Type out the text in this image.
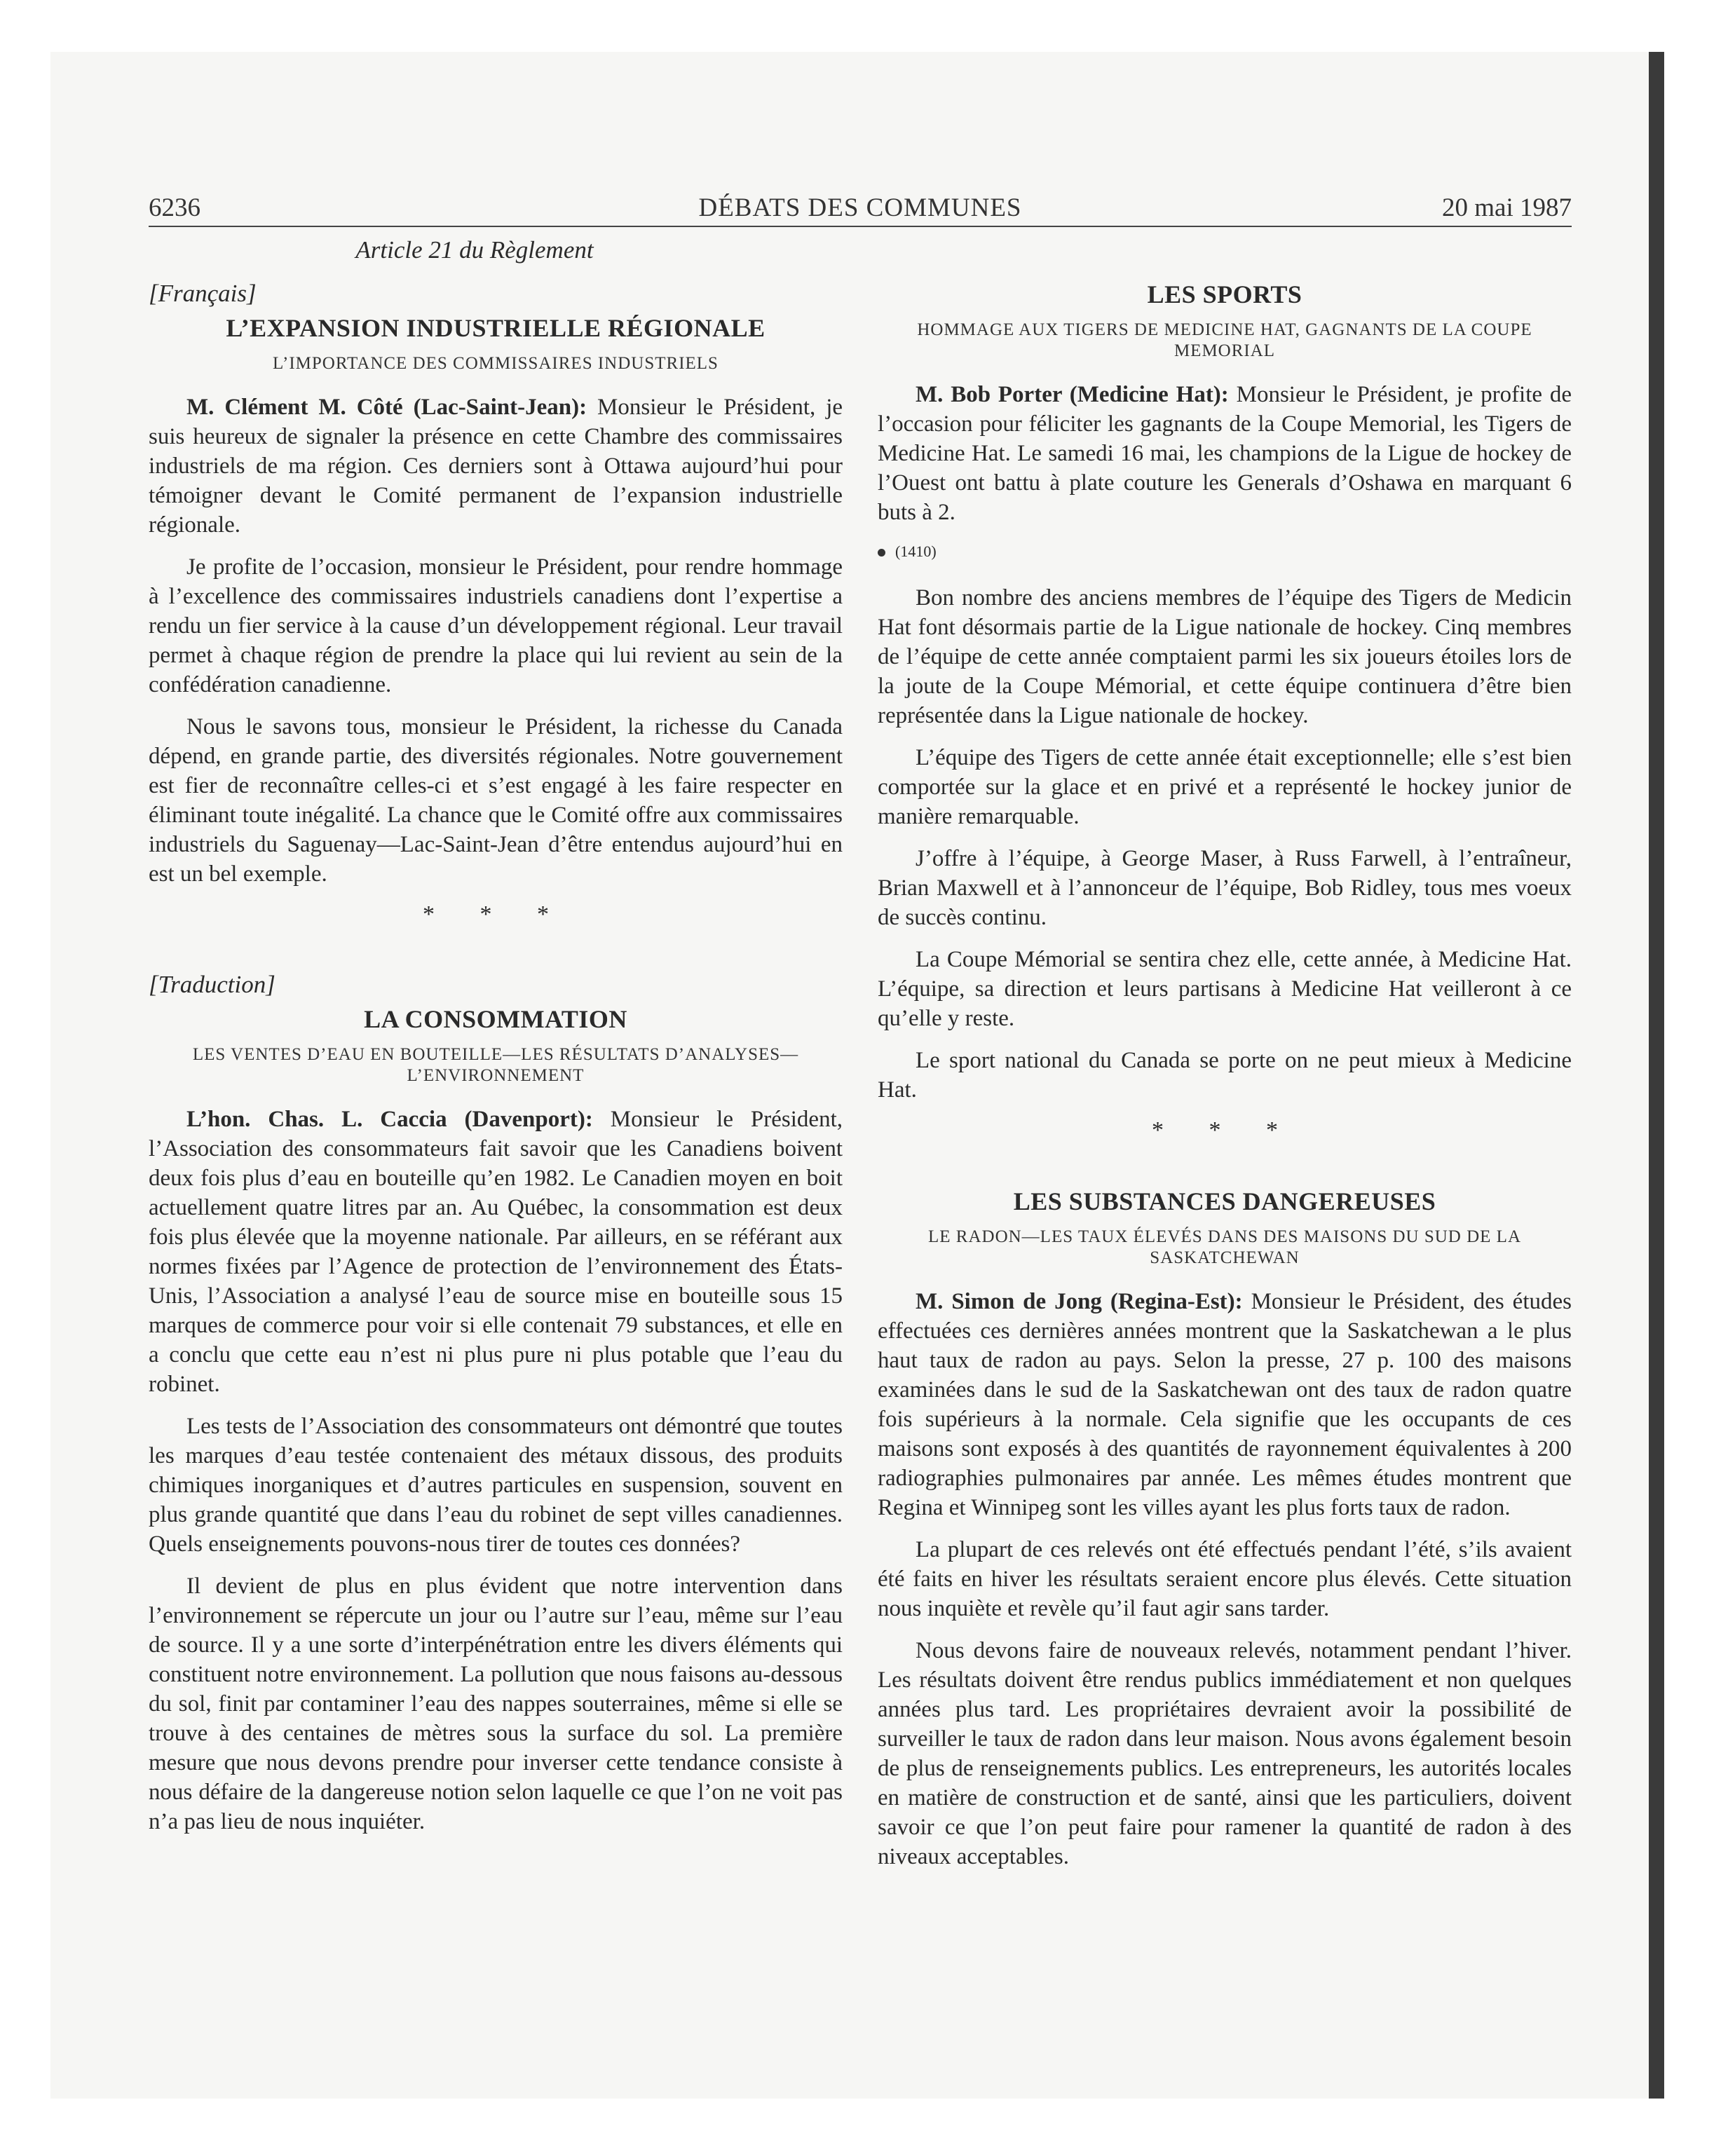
6236	DÉBATS DES COMMUNES	20 mai 1987

Article 21 du Règlement

[Français]

L’EXPANSION INDUSTRIELLE RÉGIONALE

L’IMPORTANCE DES COMMISSAIRES INDUSTRIELS

M. Clément M. Côté (Lac-Saint-Jean): Monsieur le Président, je suis heureux de signaler la présence en cette Chambre des commissaires industriels de ma région. Ces derniers sont à Ottawa aujourd’hui pour témoigner devant le Comité permanent de l’expansion industrielle régionale.

Je profite de l’occasion, monsieur le Président, pour rendre hommage à l’excellence des commissaires industriels canadiens dont l’expertise a rendu un fier service à la cause d’un développement régional. Leur travail permet à chaque région de prendre la place qui lui revient au sein de la confédération canadienne.

Nous le savons tous, monsieur le Président, la richesse du Canada dépend, en grande partie, des diversités régionales. Notre gouvernement est fier de reconnaître celles-ci et s’est engagé à les faire respecter en éliminant toute inégalité. La chance que le Comité offre aux commissaires industriels du Saguenay—Lac-Saint-Jean d’être entendus aujourd’hui en est un bel exemple.

* * *

[Traduction]

LA CONSOMMATION

LES VENTES D’EAU EN BOUTEILLE—LES RÉSULTATS D’ANALYSES—L’ENVIRONNEMENT

L’hon. Chas. L. Caccia (Davenport): Monsieur le Président, l’Association des consommateurs fait savoir que les Canadiens boivent deux fois plus d’eau en bouteille qu’en 1982. Le Canadien moyen en boit actuellement quatre litres par an. Au Québec, la consommation est deux fois plus élevée que la moyenne nationale. Par ailleurs, en se référant aux normes fixées par l’Agence de protection de l’environnement des États-Unis, l’Association a analysé l’eau de source mise en bouteille sous 15 marques de commerce pour voir si elle contenait 79 substances, et elle en a conclu que cette eau n’est ni plus pure ni plus potable que l’eau du robinet.

Les tests de l’Association des consommateurs ont démontré que toutes les marques d’eau testée contenaient des métaux dissous, des produits chimiques inorganiques et d’autres particules en suspension, souvent en plus grande quantité que dans l’eau du robinet de sept villes canadiennes. Quels enseignements pouvons-nous tirer de toutes ces données?

Il devient de plus en plus évident que notre intervention dans l’environnement se répercute un jour ou l’autre sur l’eau, même sur l’eau de source. Il y a une sorte d’interpénétration entre les divers éléments qui constituent notre environnement. La pollution que nous faisons au-dessous du sol, finit par contaminer l’eau des nappes souterraines, même si elle se trouve à des centaines de mètres sous la surface du sol. La première mesure que nous devons prendre pour inverser cette tendance consiste à nous défaire de la dangereuse notion selon laquelle ce que l’on ne voit pas n’a pas lieu de nous inquiéter.

LES SPORTS

HOMMAGE AUX TIGERS DE MEDICINE HAT, GAGNANTS DE LA COUPE MEMORIAL

M. Bob Porter (Medicine Hat): Monsieur le Président, je profite de l’occasion pour féliciter les gagnants de la Coupe Memorial, les Tigers de Medicine Hat. Le samedi 16 mai, les champions de la Ligue de hockey de l’Ouest ont battu à plate couture les Generals d’Oshawa en marquant 6 buts à 2.

(1410)

Bon nombre des anciens membres de l’équipe des Tigers de Medicin Hat font désormais partie de la Ligue nationale de hockey. Cinq membres de l’équipe de cette année comptaient parmi les six joueurs étoiles lors de la joute de la Coupe Mémorial, et cette équipe continuera d’être bien représentée dans la Ligue nationale de hockey.

L’équipe des Tigers de cette année était exceptionnelle; elle s’est bien comportée sur la glace et en privé et a représenté le hockey junior de manière remarquable.

J’offre à l’équipe, à George Maser, à Russ Farwell, à l’entraîneur, Brian Maxwell et à l’annonceur de l’équipe, Bob Ridley, tous mes voeux de succès continu.

La Coupe Mémorial se sentira chez elle, cette année, à Medicine Hat. L’équipe, sa direction et leurs partisans à Medicine Hat veilleront à ce qu’elle y reste.

Le sport national du Canada se porte on ne peut mieux à Medicine Hat.

* * *

LES SUBSTANCES DANGEREUSES

LE RADON—LES TAUX ÉLEVÉS DANS DES MAISONS DU SUD DE LA SASKATCHEWAN

M. Simon de Jong (Regina-Est): Monsieur le Président, des études effectuées ces dernières années montrent que la Saskatchewan a le plus haut taux de radon au pays. Selon la presse, 27 p. 100 des maisons examinées dans le sud de la Saskatchewan ont des taux de radon quatre fois supérieurs à la normale. Cela signifie que les occupants de ces maisons sont exposés à des quantités de rayonnement équivalentes à 200 radiographies pulmonaires par année. Les mêmes études montrent que Regina et Winnipeg sont les villes ayant les plus forts taux de radon.

La plupart de ces relevés ont été effectués pendant l’été, s’ils avaient été faits en hiver les résultats seraient encore plus élevés. Cette situation nous inquiète et revèle qu’il faut agir sans tarder.

Nous devons faire de nouveaux relevés, notamment pendant l’hiver. Les résultats doivent être rendus publics immédiatement et non quelques années plus tard. Les propriétaires devraient avoir la possibilité de surveiller le taux de radon dans leur maison. Nous avons également besoin de plus de renseignements publics. Les entrepreneurs, les autorités locales en matière de construction et de santé, ainsi que les particuliers, doivent savoir ce que l’on peut faire pour ramener la quantité de radon à des niveaux acceptables.
